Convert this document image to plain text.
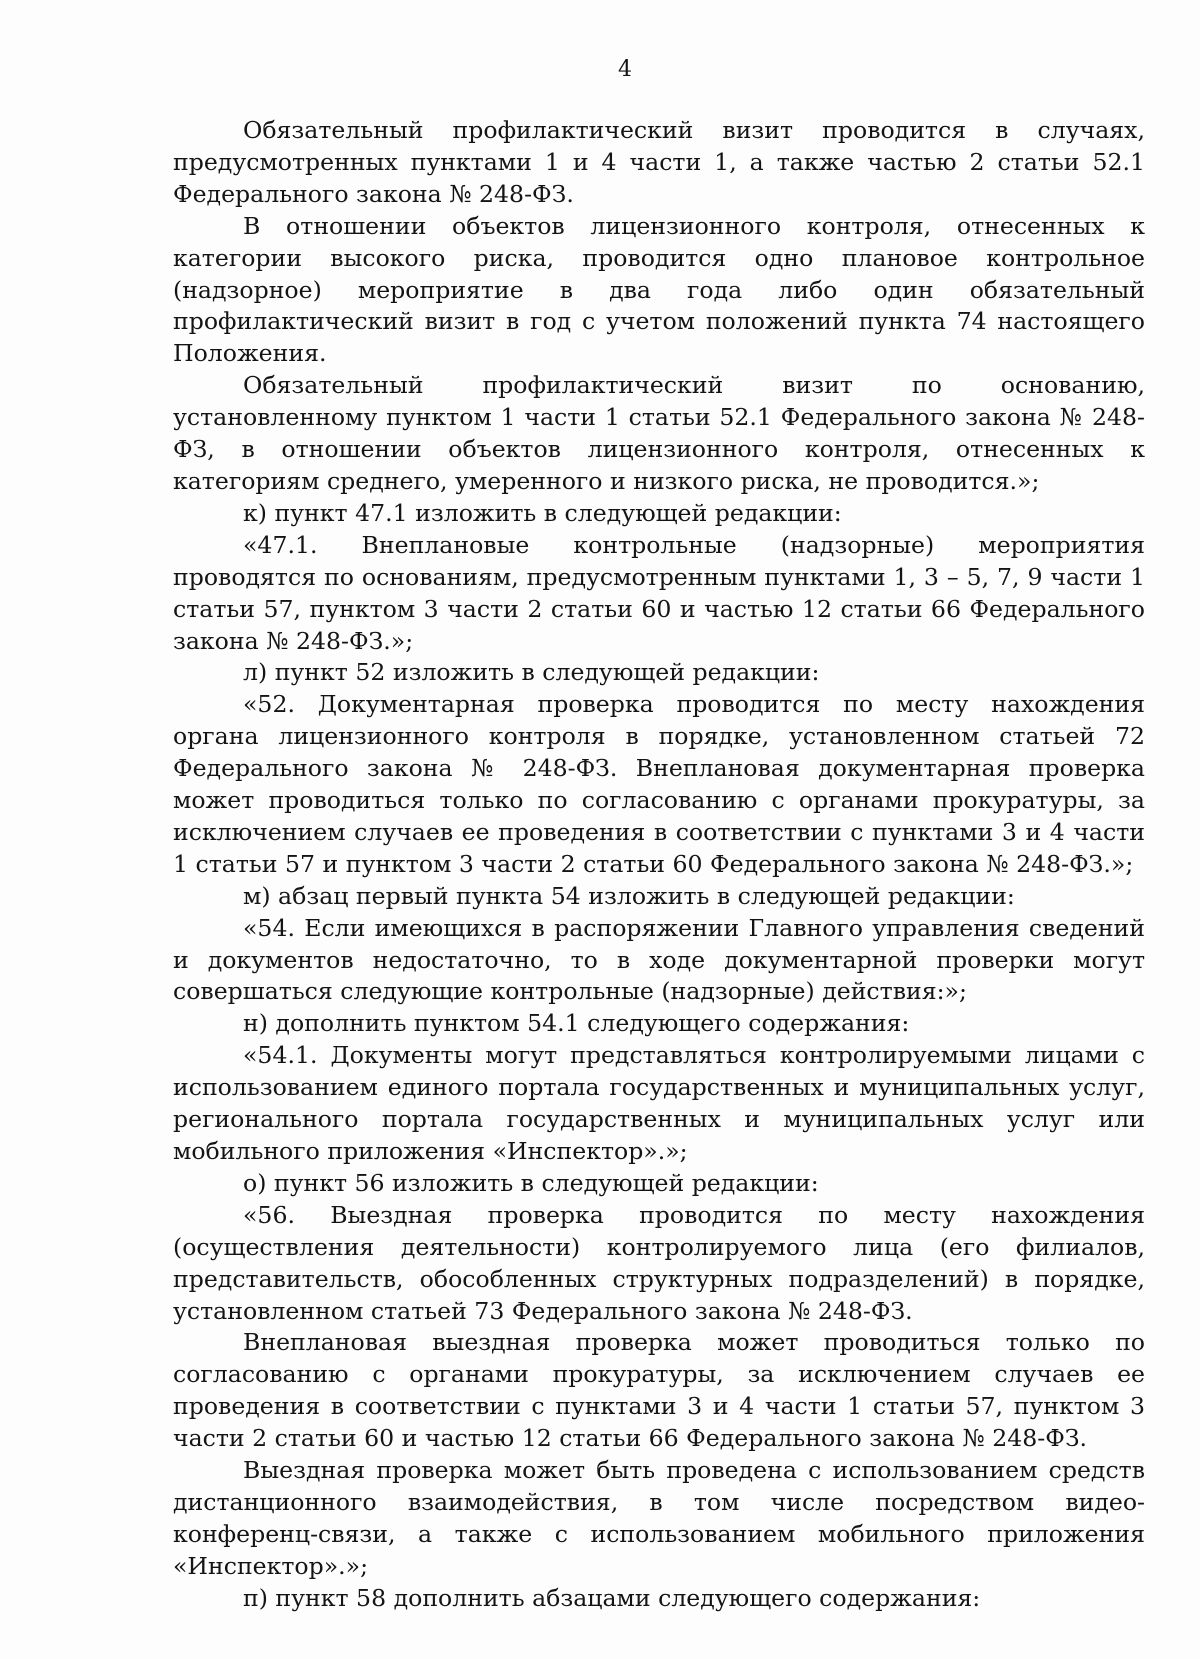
4

Обязательный профилактический визит проводится в случаях, предусмотренных пунктами 1 и 4 части 1, а также частью 2 статьи 52.1 Федерального закона № 248-ФЗ.

В отношении объектов лицензионного контроля, отнесенных к категории высокого риска, проводится одно плановое контрольное (надзорное) мероприятие в два года либо один обязательный профилактический визит в год с учетом положений пункта 74 настоящего Положения.

Обязательный профилактический визит по основанию, установленному пунктом 1 части 1 статьи 52.1 Федерального закона № 248-ФЗ, в отношении объектов лицензионного контроля, отнесенных к категориям среднего, умеренного и низкого риска, не проводится.»;

к) пункт 47.1 изложить в следующей редакции:

«47.1. Внеплановые контрольные (надзорные) мероприятия проводятся по основаниям, предусмотренным пунктами 1, 3 – 5, 7, 9 части 1 статьи 57, пунктом 3 части 2 статьи 60 и частью 12 статьи 66 Федерального закона № 248-ФЗ.»;

л) пункт 52 изложить в следующей редакции:

«52. Документарная проверка проводится по месту нахождения органа лицензионного контроля в порядке, установленном статьей 72 Федерального закона № 248-ФЗ. Внеплановая документарная проверка может проводиться только по согласованию с органами прокуратуры, за исключением случаев ее проведения в соответствии с пунктами 3 и 4 части 1 статьи 57 и пунктом 3 части 2 статьи 60 Федерального закона № 248-ФЗ.»;

м) абзац первый пункта 54 изложить в следующей редакции:

«54. Если имеющихся в распоряжении Главного управления сведений и документов недостаточно, то в ходе документарной проверки могут совершаться следующие контрольные (надзорные) действия:»;

н) дополнить пунктом 54.1 следующего содержания:

«54.1. Документы могут представляться контролируемыми лицами с использованием единого портала государственных и муниципальных услуг, регионального портала государственных и муниципальных услуг или мобильного приложения «Инспектор».»;

о) пункт 56 изложить в следующей редакции:

«56. Выездная проверка проводится по месту нахождения (осуществления деятельности) контролируемого лица (его филиалов, представительств, обособленных структурных подразделений) в порядке, установленном статьей 73 Федерального закона № 248-ФЗ.

Внеплановая выездная проверка может проводиться только по согласованию с органами прокуратуры, за исключением случаев ее проведения в соответствии с пунктами 3 и 4 части 1 статьи 57, пунктом 3 части 2 статьи 60 и частью 12 статьи 66 Федерального закона № 248-ФЗ.

Выездная проверка может быть проведена с использованием средств дистанционного взаимодействия, в том числе посредством видео-конференц-связи, а также с использованием мобильного приложения «Инспектор».»;

п) пункт 58 дополнить абзацами следующего содержания:
